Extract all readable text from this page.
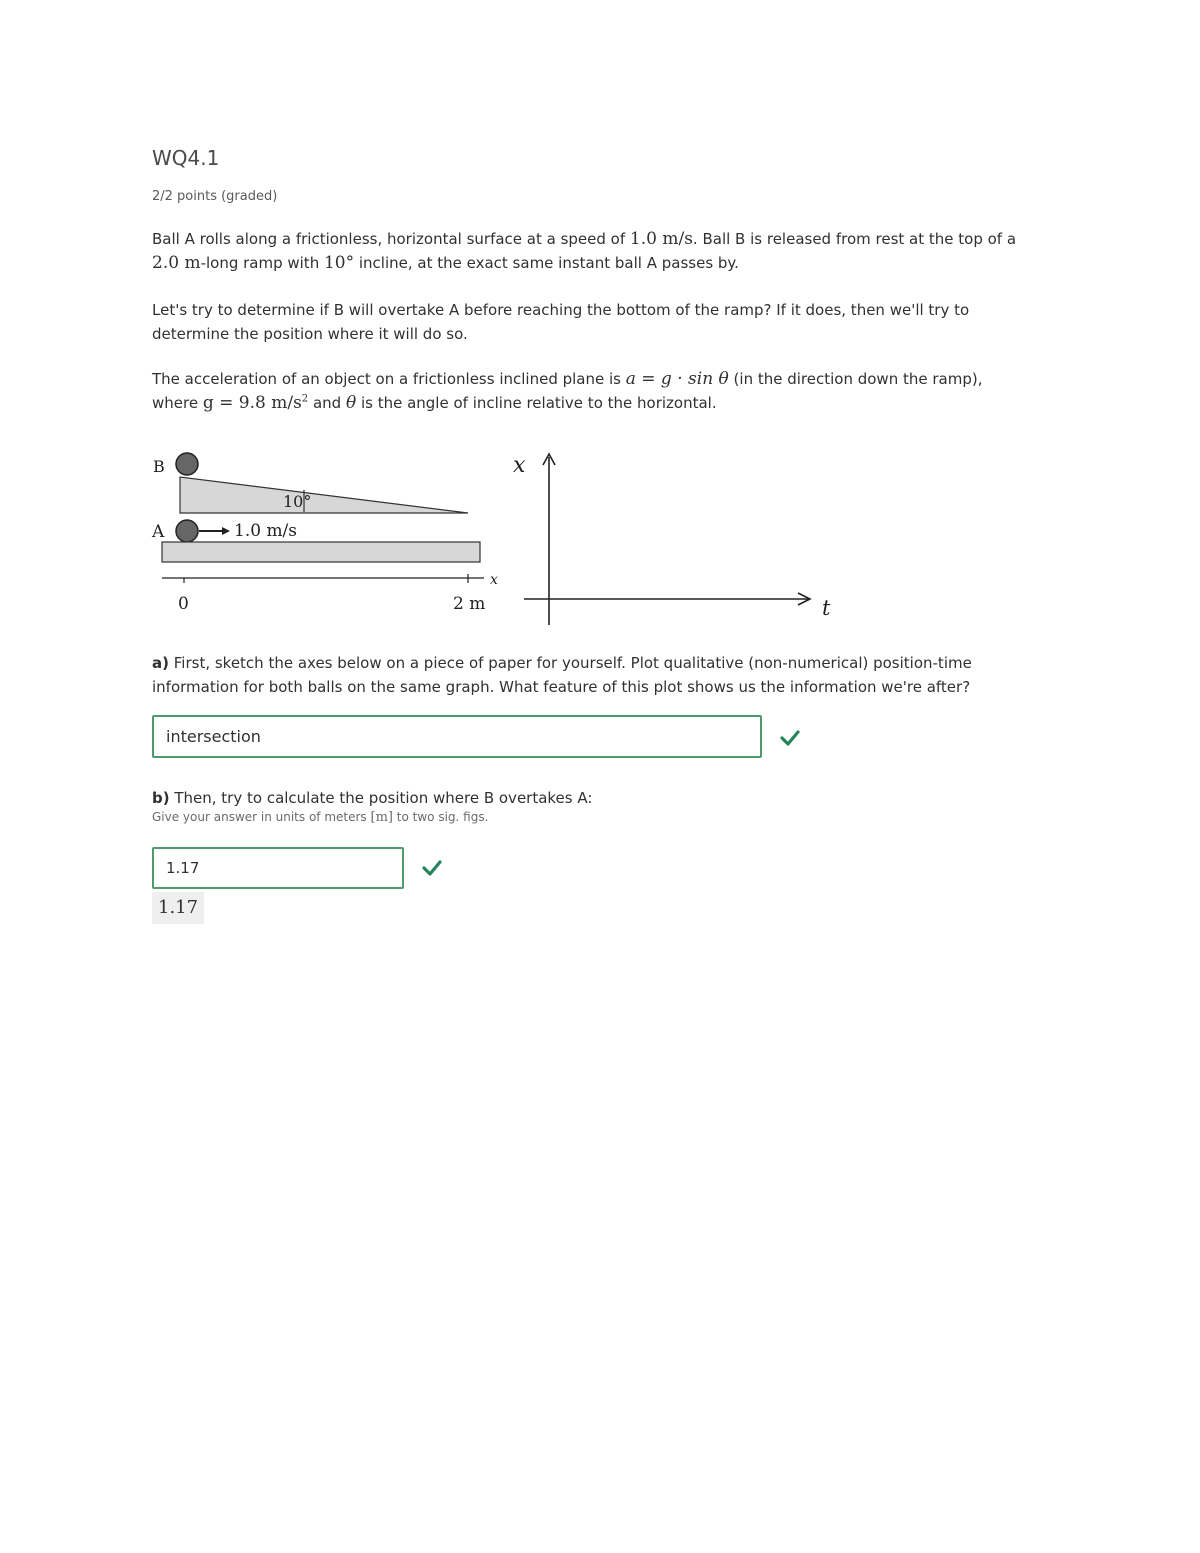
WQ4.1
2/2 points (graded)

Ball A rolls along a frictionless, horizontal surface at a speed of 1.0 m/s. Ball B is released from rest at the top of a 2.0 m-long ramp with 10° incline, at the exact same instant ball A passes by.

Let's try to determine if B will overtake A before reaching the bottom of the ramp? If it does, then we'll try to determine the position where it will do so.

The acceleration of an object on a frictionless inclined plane is a = g · sin θ (in the direction down the ramp), where g = 9.8 $m/s^2$ and θ is the angle of incline relative to the horizontal.

a) First, sketch the axes below on a piece of paper for yourself. Plot qualitative (non-numerical) position-time information for both balls on the same graph. What feature of this plot shows us the information we're after?

intersection

b) Then, try to calculate the position where B overtakes A:

Give your answer in units of meters [m] to two sig. figs.
1.17
1.17
10°
B
A	1.0 m/s
x
0	2 m
x
t
